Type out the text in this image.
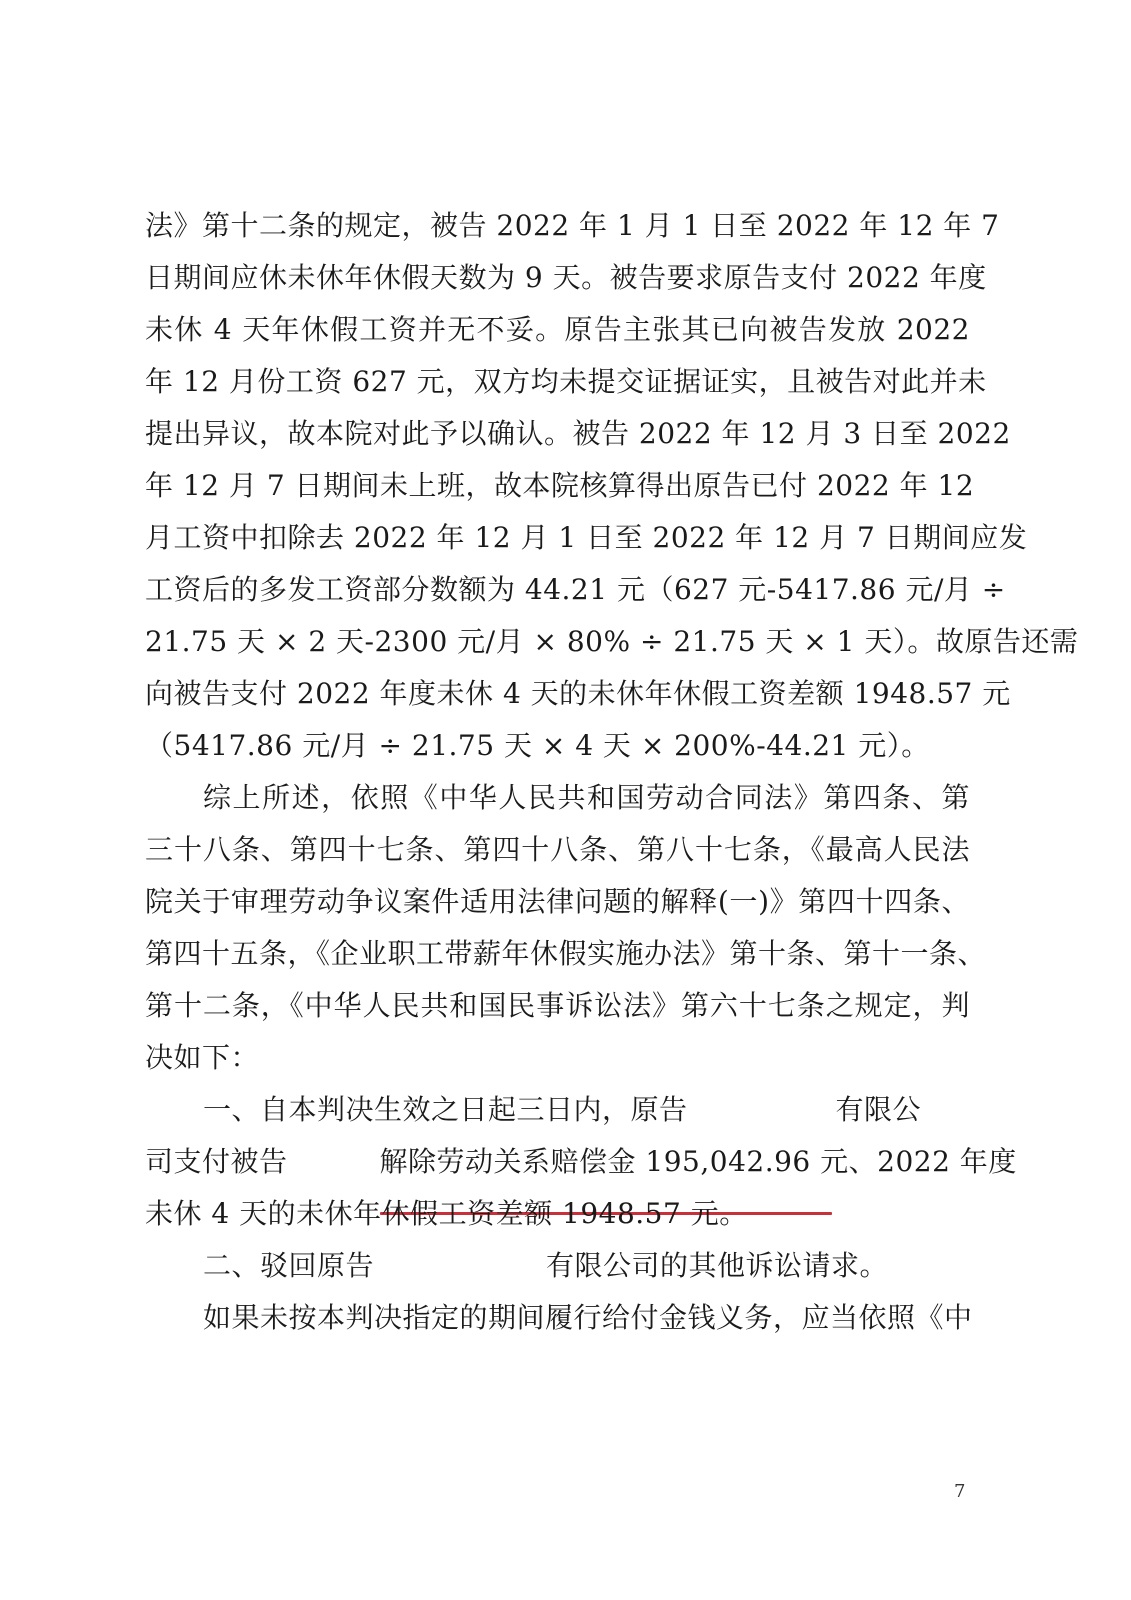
法》第十二条的规定，被告 2022 年 1 月 1 日至 2022 年 12 年 7
日期间应休未休年休假天数为 9 天。被告要求原告支付 2022 年度
未休 4 天年休假工资并无不妥。原告主张其已向被告发放 2022
年 12 月份工资 627 元，双方均未提交证据证实，且被告对此并未
提出异议，故本院对此予以确认。被告 2022 年 12 月 3 日至 2022
年 12 月 7 日期间未上班，故本院核算得出原告已付 2022 年 12
月工资中扣除去 2022 年 12 月 1 日至 2022 年 12 月 7 日期间应发
工资后的多发工资部分数额为 44.21 元（627 元-5417.86 元/月 ÷
21.75 天 × 2 天-2300 元/月 × 80% ÷ 21.75 天 × 1 天）。故原告还需
向被告支付 2022 年度未休 4 天的未休年休假工资差额 1948.57 元
（5417.86 元/月 ÷ 21.75 天 × 4 天 × 200%-44.21 元）。
综上所述，依照《中华人民共和国劳动合同法》第四条、第
三十八条、第四十七条、第四十八条、第八十七条，《最高人民法
院关于审理劳动争议案件适用法律问题的解释(一)》第四十四条、
第四十五条，《企业职工带薪年休假实施办法》第十条、第十一条、
第十二条，《中华人民共和国民事诉讼法》第六十七条之规定，判
决如下：
一、自本判决生效之日起三日内，原告	有限公
司支付被告	解除劳动关系赔偿金 195,042.96 元、2022 年度
未休 4 天的未休年休假工资差额 1948.57 元。
二、驳回原告	有限公司的其他诉讼请求。
如果未按本判决指定的期间履行给付金钱义务，应当依照《中
7
